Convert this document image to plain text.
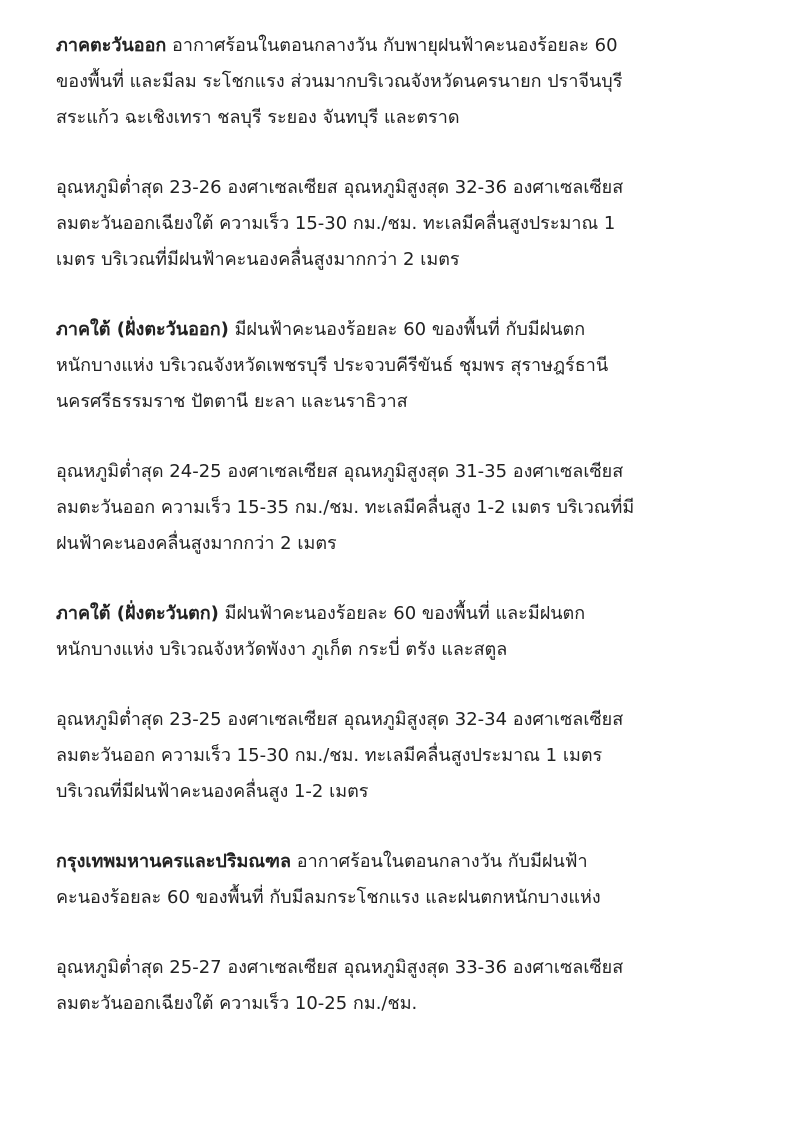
ภาคตะวันออก อากาศร้อนในตอนกลางวัน กับพายุฝนฟ้าคะนองร้อยละ 60
ของพื้นที่ และมีลม ระโชกแรง ส่วนมากบริเวณจังหวัดนครนายก ปราจีนบุรี
สระแก้ว ฉะเชิงเทรา ชลบุรี ระยอง จันทบุรี และตราด

อุณหภูมิต่ำสุด 23-26 องศาเซลเซียส อุณหภูมิสูงสุด 32-36 องศาเซลเซียส
ลมตะวันออกเฉียงใต้ ความเร็ว 15-30 กม./ชม. ทะเลมีคลื่นสูงประมาณ 1
เมตร บริเวณที่มีฝนฟ้าคะนองคลื่นสูงมากกว่า 2 เมตร

ภาคใต้ (ฝั่งตะวันออก) มีฝนฟ้าคะนองร้อยละ 60 ของพื้นที่ กับมีฝนตก
หนักบางแห่ง บริเวณจังหวัดเพชรบุรี ประจวบคีรีขันธ์ ชุมพร สุราษฎร์ธานี
นครศรีธรรมราช ปัตตานี ยะลา และนราธิวาส

อุณหภูมิต่ำสุด 24-25 องศาเซลเซียส อุณหภูมิสูงสุด 31-35 องศาเซลเซียส
ลมตะวันออก ความเร็ว 15-35 กม./ชม. ทะเลมีคลื่นสูง 1-2 เมตร บริเวณที่มี
ฝนฟ้าคะนองคลื่นสูงมากกว่า 2 เมตร

ภาคใต้ (ฝั่งตะวันตก) มีฝนฟ้าคะนองร้อยละ 60 ของพื้นที่ และมีฝนตก
หนักบางแห่ง บริเวณจังหวัดพังงา ภูเก็ต กระบี่ ตรัง และสตูล

อุณหภูมิต่ำสุด 23-25 องศาเซลเซียส อุณหภูมิสูงสุด 32-34 องศาเซลเซียส
ลมตะวันออก ความเร็ว 15-30 กม./ชม. ทะเลมีคลื่นสูงประมาณ 1 เมตร
บริเวณที่มีฝนฟ้าคะนองคลื่นสูง 1-2 เมตร

กรุงเทพมหานครและปริมณฑล อากาศร้อนในตอนกลางวัน กับมีฝนฟ้า
คะนองร้อยละ 60 ของพื้นที่ กับมีลมกระโชกแรง และฝนตกหนักบางแห่ง

อุณหภูมิต่ำสุด 25-27 องศาเซลเซียส อุณหภูมิสูงสุด 33-36 องศาเซลเซียส
ลมตะวันออกเฉียงใต้ ความเร็ว 10-25 กม./ชม.
